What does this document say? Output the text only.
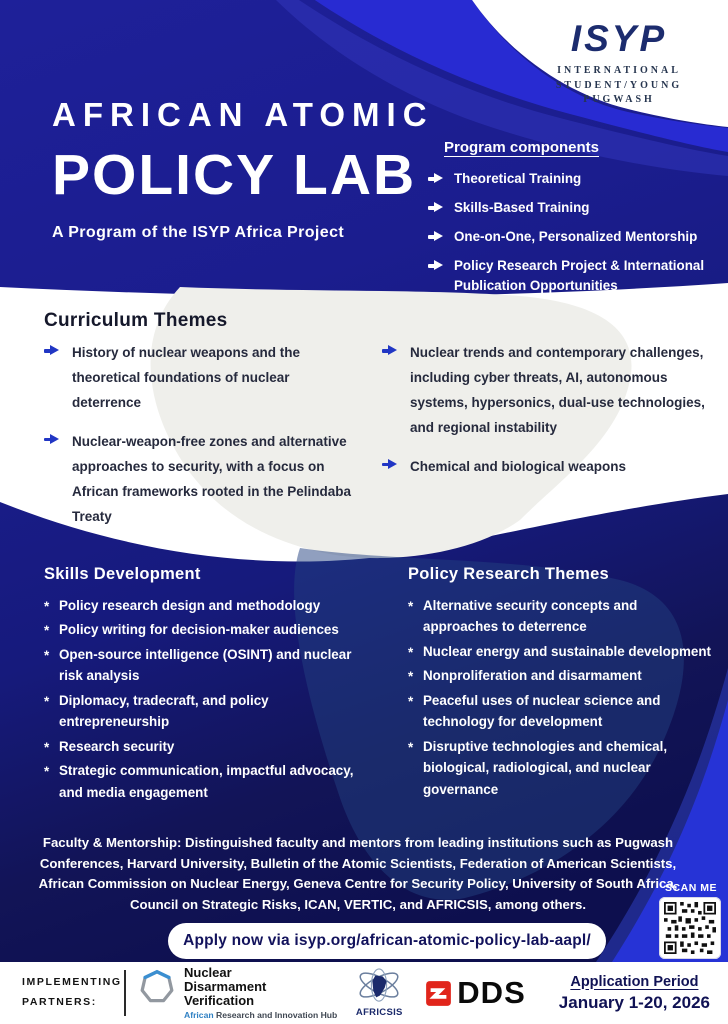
ISYP
INTERNATIONAL
STUDENT/YOUNG
PUGWASH
AFRICAN ATOMIC
POLICY LAB
A Program of the ISYP Africa Project
Program components
Theoretical Training
Skills-Based Training
One-on-One, Personalized Mentorship
Policy Research Project & International Publication Opportunities
Curriculum Themes
History of nuclear weapons and the theoretical foundations of nuclear deterrence
Nuclear-weapon-free zones and alternative approaches to security, with a focus on African frameworks rooted in the Pelindaba Treaty
Nuclear trends and contemporary challenges, including cyber threats, AI, autonomous systems, hypersonics, dual-use technologies, and regional instability
Chemical and biological weapons
Skills Development
* Policy research design and methodology
* Policy writing for decision-maker audiences
* Open-source intelligence (OSINT) and nuclear risk analysis
* Diplomacy, tradecraft, and policy entrepreneurship
* Research security
* Strategic communication, impactful advocacy, and media engagement
Policy Research Themes
* Alternative security concepts and approaches to deterrence
* Nuclear energy and sustainable development
* Nonproliferation and disarmament
* Peaceful uses of nuclear science and technology for development
* Disruptive technologies and chemical, biological, radiological, and nuclear governance
Faculty & Mentorship: Distinguished faculty and mentors from leading institutions such as Pugwash Conferences, Harvard University, Bulletin of the Atomic Scientists, Federation of American Scientists, African Commission on Nuclear Energy, Geneva Centre for Security Policy, University of South Africa, Council on Strategic Risks, ICAN, VERTIC, and AFRICSIS, among others.
SCAN ME
Apply now via isyp.org/african-atomic-policy-lab-aapl/
IMPLEMENTING
PARTNERS:
Nuclear
Disarmament
Verification
African Research and Innovation Hub AFRICSIS
DDS	Application Period
January 1-20, 2026
